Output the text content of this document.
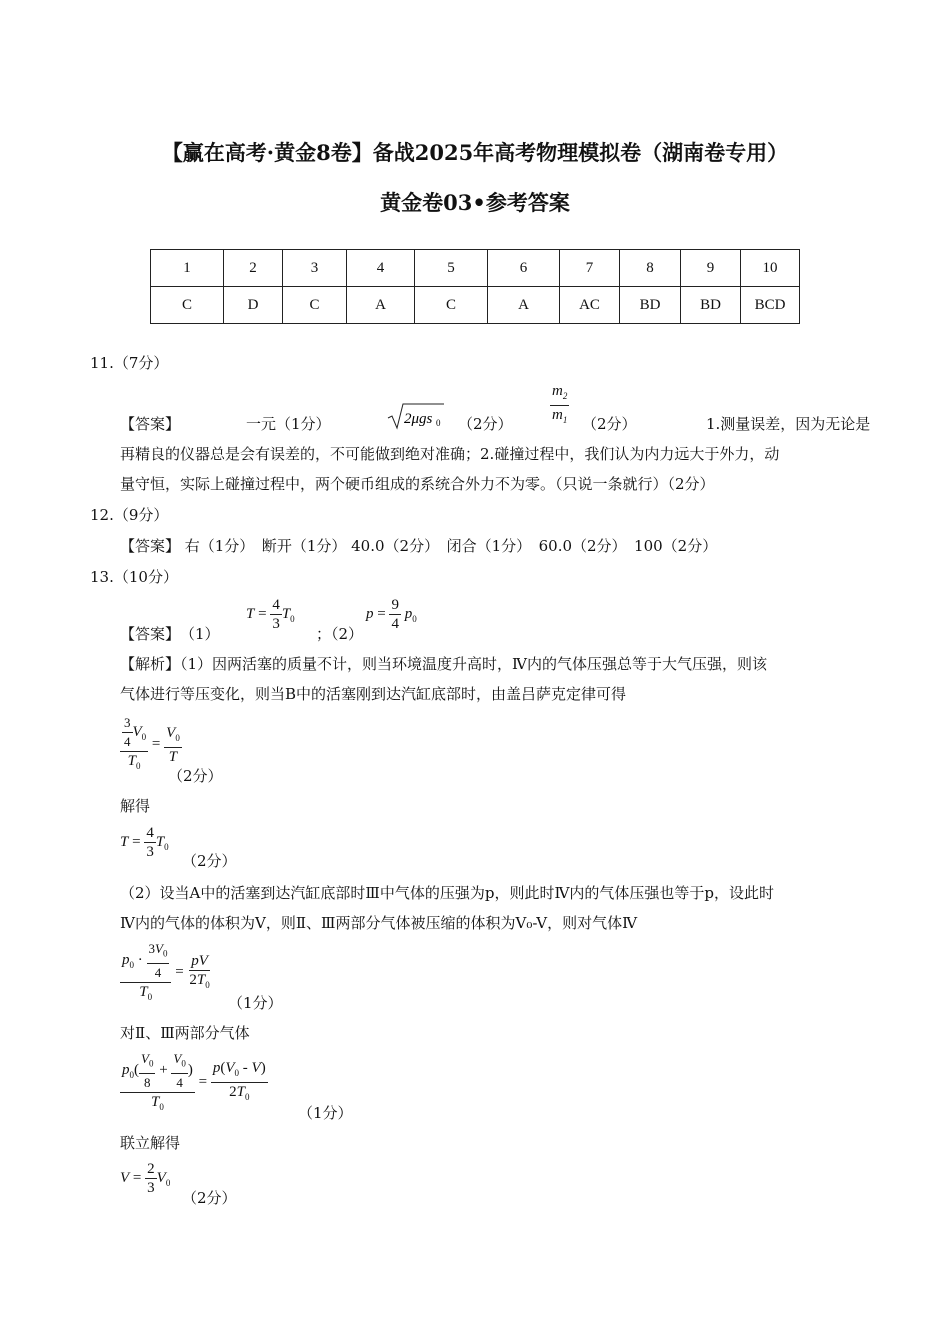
【赢在高考·黄金8卷】备战2025年高考物理模拟卷（湖南卷专用）
黄金卷03•参考答案
1	2	3	4	5	6	7	8	9	10
C	D	C	A	C	A	AC	BD	BD	BCD
11.（7分）
【答案】	一元（1分）	2μgs 0 （2分） $\frac{m_2}{m_1} (2$分）	1.测量误差，因为无论是
再精良的仪器总是会有误差的，不可能做到绝对准确；2.碰撞过程中，我们认为内力远大于外力，动
量守恒，实际上碰撞过程中，两个硬币组成的系统合外力不为零。（只说一条就行）（2分）
12.（9分）
【答案】 右（1分）　断开（1分） 40.0（2分）　闭合（1分）　60.0（2分）　100（2分）
13.（10分）
【答案】　（1）
$T = \frac{4}{3} T_0$
；（2）
$p = \frac{9}{4} p_0$
【解析】（1）因两活塞的质量不计，则当环境温度升高时，Ⅳ内的气体压强总等于大气压强，则该
气体进行等压变化，则当B中的活塞刚到达汽缸底部时，由盖吕萨克定律可得
$\frac{\frac{3}{4} V_0}{T_0} = \frac{V_0}{T}$
（2分）
解得
$T = \frac{4}{3} T_0$
（2分）
（2）设当A中的活塞到达汽缸底部时Ⅲ中气体的压强为p，则此时Ⅳ内的气体压强也等于p，设此时
Ⅳ内的气体的体积为V，则Ⅱ、Ⅲ两部分气体被压缩的体积为V₀-V，则对气体Ⅳ
$\frac{p_0 \cdot \frac{3V_0}{4}}{T_0} = \frac{pV}{2T_0}$
（1分）
对Ⅱ、Ⅲ两部分气体
$\frac{p_0( \frac{V_0}{8} + \frac{V_0}{4} )}{T_0} = \frac{p(V_0 - V)}{2T_0}$
（1分）
联立解得
$V = \frac{2}{3} V_0$
（2分）
